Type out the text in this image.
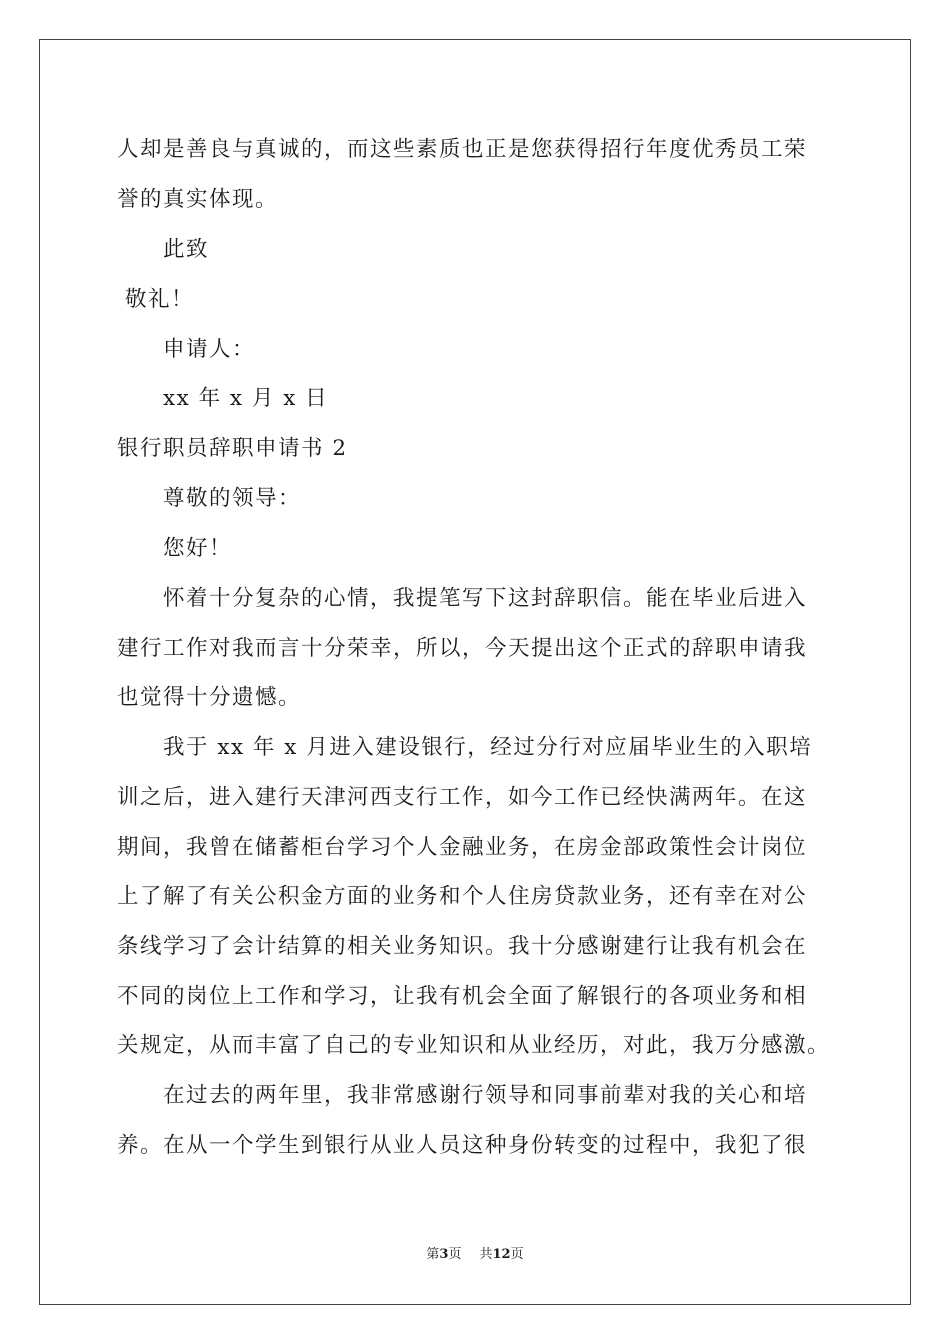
人却是善良与真诚的，而这些素质也正是您获得招行年度优秀员工荣
誉的真实体现。
此致
敬礼！
申请人：
xx 年 x 月 x 日
银行职员辞职申请书 2
尊敬的领导：
您好！
怀着十分复杂的心情，我提笔写下这封辞职信。能在毕业后进入
建行工作对我而言十分荣幸，所以，今天提出这个正式的辞职申请我
也觉得十分遗憾。
我于 xx 年 x 月进入建设银行，经过分行对应届毕业生的入职培
训之后，进入建行天津河西支行工作，如今工作已经快满两年。在这
期间，我曾在储蓄柜台学习个人金融业务，在房金部政策性会计岗位
上了解了有关公积金方面的业务和个人住房贷款业务，还有幸在对公
条线学习了会计结算的相关业务知识。我十分感谢建行让我有机会在
不同的岗位上工作和学习，让我有机会全面了解银行的各项业务和相
关规定，从而丰富了自己的专业知识和从业经历，对此，我万分感激。
在过去的两年里，我非常感谢行领导和同事前辈对我的关心和培
养。在从一个学生到银行从业人员这种身份转变的过程中，我犯了很
第3页 共12页
